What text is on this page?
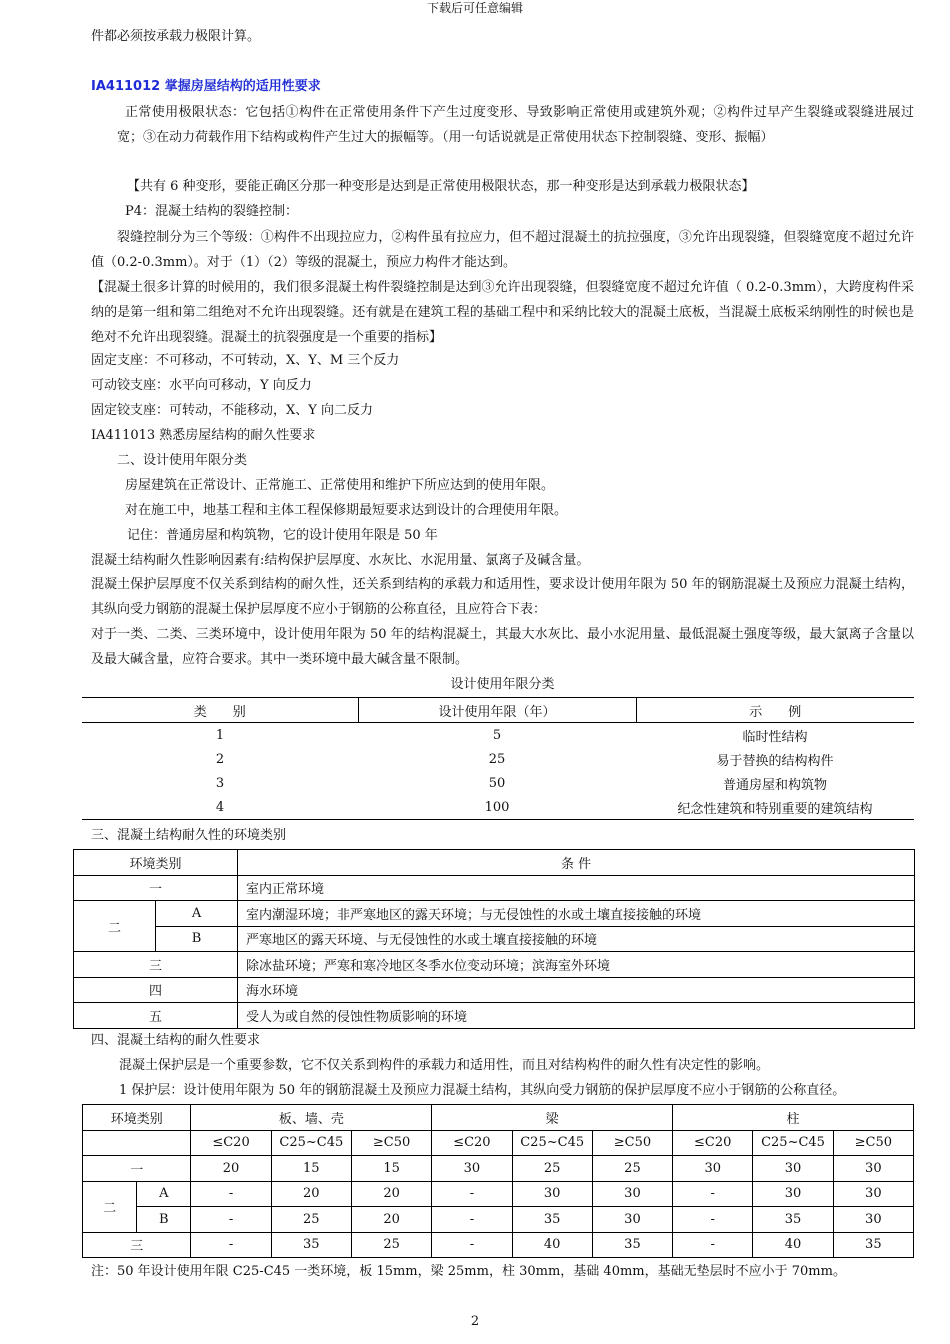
下载后可任意编辑
件都必须按承载力极限计算。
IA411012 掌握房屋结构的适用性要求
正常使用极限状态：它包括①构件在正常使用条件下产生过度变形、导致影响正常使用或建筑外观；②构件过早产生裂缝或裂缝进展过宽；③在动力荷载作用下结构或构件产生过大的振幅等。（用一句话说就是正常使用状态下控制裂缝、变形、振幅）
【共有 6 种变形，要能正确区分那一种变形是达到是正常使用极限状态，那一种变形是达到承载力极限状态】
P4：混凝土结构的裂缝控制：
裂缝控制分为三个等级：①构件不出现拉应力，②构件虽有拉应力，但不超过混凝土的抗拉强度，③允许出现裂缝，但裂缝宽度不超过允许值（0.2-0.3mm）。对于（1）（2）等级的混凝土，预应力构件才能达到。
【混凝土很多计算的时候用的，我们很多混凝土构件裂缝控制是达到③允许出现裂缝，但裂缝宽度不超过允许值（ 0.2-0.3mm），大跨度构件采纳的是第一组和第二组绝对不允许出现裂缝。还有就是在建筑工程的基础工程中和采纳比较大的混凝土底板，当混凝土底板采纳刚性的时候也是绝对不允许出现裂缝。混凝土的抗裂强度是一个重要的指标】
固定支座：不可移动，不可转动，X、Y、M 三个反力
可动铰支座：水平向可移动，Y 向反力
固定铰支座：可转动，不能移动，X、Y 向二反力
IA411013 熟悉房屋结构的耐久性要求
二、设计使用年限分类
房屋建筑在正常设计、正常施工、正常使用和维护下所应达到的使用年限。
对在施工中，地基工程和主体工程保修期最短要求达到设计的合理使用年限。
记住：普通房屋和构筑物，它的设计使用年限是 50 年
混凝土结构耐久性影响因素有:结构保护层厚度、水灰比、水泥用量、氯离子及碱含量。
混凝土保护层厚度不仅关系到结构的耐久性，还关系到结构的承载力和适用性，要求设计使用年限为 50 年的钢筋混凝土及预应力混凝土结构，其纵向受力钢筋的混凝土保护层厚度不应小于钢筋的公称直径，且应符合下表：
对于一类、二类、三类环境中，设计使用年限为 50 年的结构混凝土，其最大水灰比、最小水泥用量、最低混凝土强度等级，最大氯离子含量以及最大碱含量，应符合要求。其中一类环境中最大碱含量不限制。
设计使用年限分类
类　　别	设计使用年限（年）	示　　例
1	5	临时性结构
2	25	易于替换的结构构件
3	50	普通房屋和构筑物
4	100	纪念性建筑和特别重要的建筑结构
三、混凝土结构耐久性的环境类别
环境类别		条 件
一		室内正常环境
二	A	室内潮湿环境；非严寒地区的露天环境；与无侵蚀性的水或土壤直接接触的环境
	B	严寒地区的露天环境、与无侵蚀性的水或土壤直接接触的环境
三		除冰盐环境；严寒和寒冷地区冬季水位变动环境；滨海室外环境
四		海水环境
五		受人为或自然的侵蚀性物质影响的环境
四、混凝土结构的耐久性要求
混凝土保护层是一个重要参数，它不仅关系到构件的承载力和适用性，而且对结构构件的耐久性有决定性的影响。
1 保护层：设计使用年限为 50 年的钢筋混凝土及预应力混凝土结构，其纵向受力钢筋的保护层厚度不应小于钢筋的公称直径。
环境类别		板、墙、壳			梁			柱		
		≤C20	C25~C45	≥C50	≤C20	C25~C45	≥C50	≤C20	C25~C45	≥C50
一		20	15	15	30	25	25	30	30	30
二	A	-	20	20	-	30	30	-	30	30
	B	-	25	20	-	35	30	-	35	30
三		-	35	25	-	40	35	-	40	35
注：50 年设计使用年限 C25-C45 一类环境，板 15mm，梁 25mm，柱 30mm，基础 40mm，基础无垫层时不应小于 70mm。
2
